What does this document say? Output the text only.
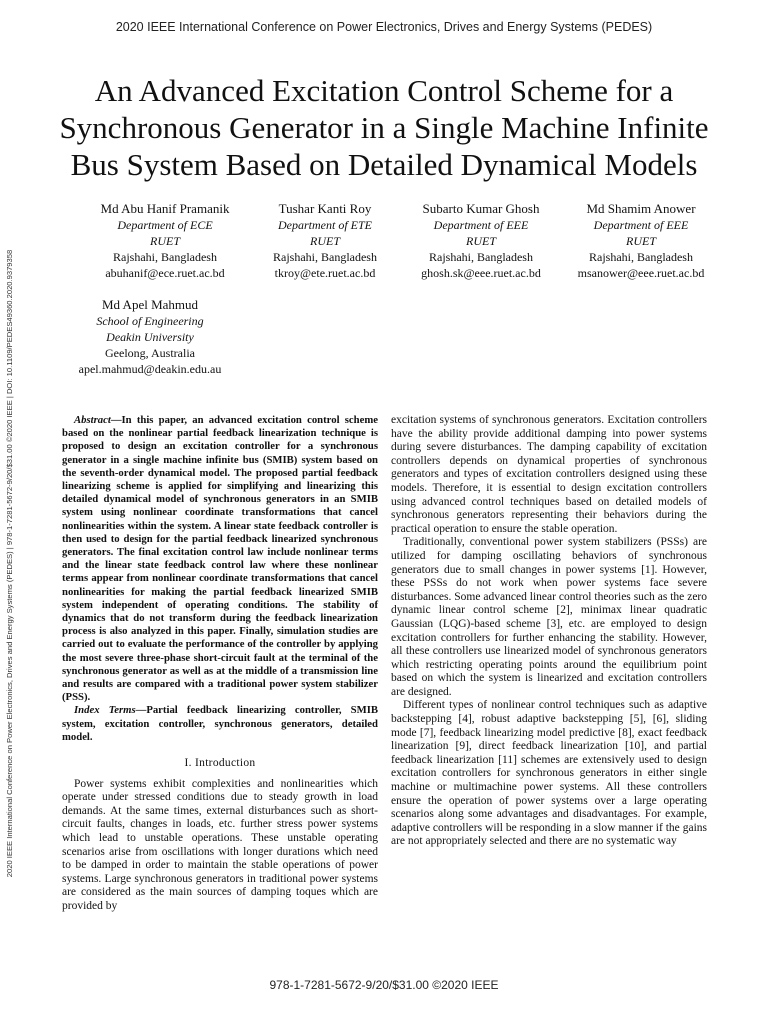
2020 IEEE International Conference on Power Electronics, Drives and Energy Systems (PEDES)
An Advanced Excitation Control Scheme for a
Synchronous Generator in a Single Machine Infinite
Bus System Based on Detailed Dynamical Models
Md Abu Hanif Pramanik
Department of ECE
RUET
Rajshahi, Bangladesh
abuhanif@ece.ruet.ac.bd
Tushar Kanti Roy
Department of ETE
RUET
Rajshahi, Bangladesh
tkroy@ete.ruet.ac.bd
Subarto Kumar Ghosh
Department of EEE
RUET
Rajshahi, Bangladesh
ghosh.sk@eee.ruet.ac.bd
Md Shamim Anower
Department of EEE
RUET
Rajshahi, Bangladesh
msanower@eee.ruet.ac.bd
Md Apel Mahmud
School of Engineering
Deakin University
Geelong, Australia
apel.mahmud@deakin.edu.au
2020 IEEE International Conference on Power Electronics, Drives and Energy Systems (PEDES) | 978-1-7281-5672-9/20/$31.00 ©2020 IEEE | DOI: 10.1109/PEDES49360.2020.9379358	Abstract—In this paper, an advanced excitation control scheme based on the nonlinear partial feedback linearization technique is proposed to design an excitation controller for a synchronous generator in a single machine infinite bus (SMIB) system based on the seventh-order dynamical model. The proposed partial feedback linearizing scheme is applied for simplifying and linearizing this detailed dynamical model of synchronous generators in an SMIB system using nonlinear coordinate transformations that cancel nonlinearities within the system. A linear state feedback controller is then used to design for the partial feedback linearized synchronous generators. The final excitation control law include nonlinear terms and the linear state feedback control law where these nonlinear terms appear from nonlinear coordinate transformations that cancel nonlinearities for making the partial feedback linearized SMIB system independent of operating conditions. The stability of dynamics that do not transform during the feedback linearization process is also analyzed in this paper. Finally, simulation studies are carried out to evaluate the performance of the controller by applying the most severe three-phase short-circuit fault at the terminal of the synchronous generator as well as at the middle of a transmission line and results are compared with a traditional power system stabilizer (PSS).

Index Terms—Partial feedback linearizing controller, SMIB system, excitation controller, synchronous generators, detailed model.

I. Introduction

Power systems exhibit complexities and nonlinearities which operate under stressed conditions due to steady growth in load demands. At the same times, external disturbances such as short-circuit faults, changes in loads, etc. further stress power systems which lead to unstable operations. These unstable operating scenarios arise from oscillations with longer durations which need to be damped in order to maintain the stable operations of power systems. Large synchronous generators in traditional power systems are considered as the main sources of damping toques which are provided by

excitation systems of synchronous generators. Excitation controllers have the ability provide additional damping into power systems during severe disturbances. The damping capability of excitation controllers depends on dynamical properties of synchronous generators and types of excitation controllers designed using these models. Therefore, it is essential to design excitation controllers using advanced control techniques based on detailed models of synchronous generators representing their behaviors during the practical operation to ensure the stable operation.

Traditionally, conventional power system stabilizers (PSSs) are utilized for damping oscillating behaviors of synchronous generators due to small changes in power systems [1]. However, these PSSs do not work when power systems face severe disturbances. Some advanced linear control theories such as the zero dynamic linear control scheme [2], minimax linear quadratic Gaussian (LQG)-based scheme [3], etc. are employed to design excitation controllers for further enhancing the stability. However, all these controllers use linearized model of synchronous generators which restricting operating points around the equilibrium point based on which the system is linearized and excitation controllers are designed.

Different types of nonlinear control techniques such as adaptive backstepping [4], robust adaptive backstepping [5], [6], sliding mode [7], feedback linearizing model predictive [8], exact feedback linearization [9], direct feedback linearization [10], and partial feedback linearization [11] schemes are extensively used to design excitation controllers for synchronous generators in either single machine or multimachine power systems. All these controllers ensure the operation of power systems over a large operating scenarios along some advantages and disadvantages. For example, adaptive controllers will be responding in a slow manner if the gains are not appropriately selected and there are no systematic way

978-1-7281-5672-9/20/$31.00 ©2020 IEEE
